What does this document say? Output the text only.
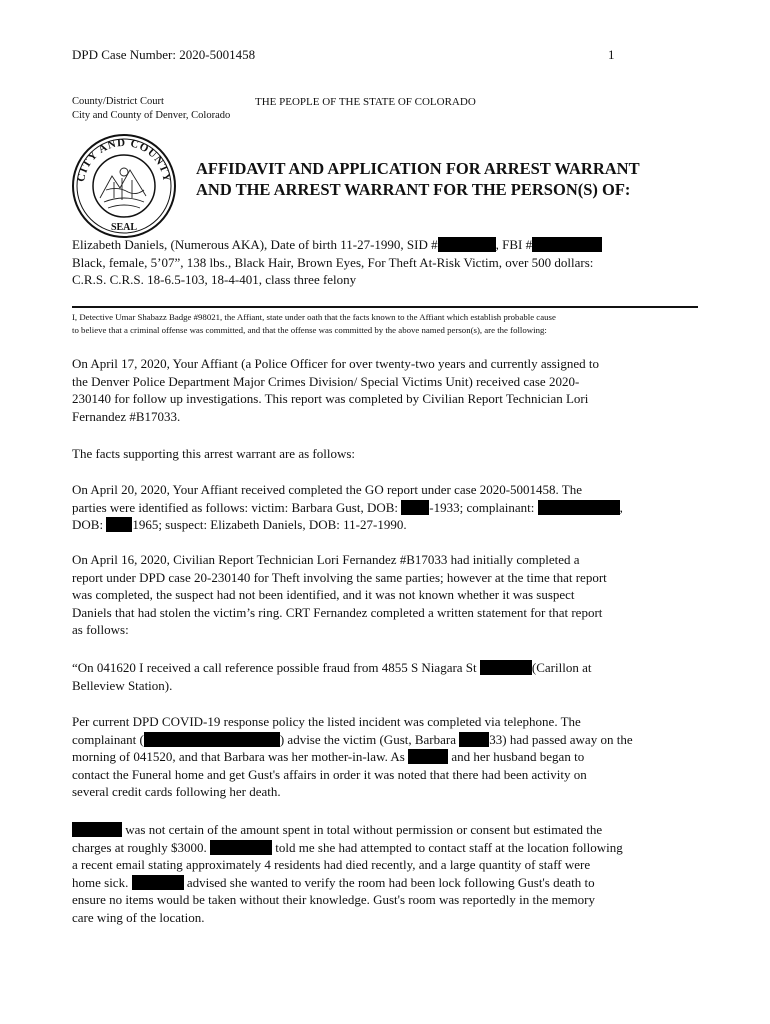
DPD Case Number: 2020-5001458	1
County/District Court	THE PEOPLE OF THE STATE OF COLORADO
City and County of Denver, Colorado
CITY AND COUNTY
SEAL
AFFIDAVIT AND APPLICATION FOR ARREST WARRANT
AND THE ARREST WARRANT FOR THE PERSON(S) OF:
Elizabeth Daniels, (Numerous AKA), Date of birth 11-27-1990, SID #	, FBI #
Black, female, 5’07”, 138 lbs., Black Hair, Brown Eyes, For Theft At-Risk Victim, over 500 dollars:
C.R.S. C.R.S. 18-6.5-103, 18-4-401, class three felony
I, Detective Umar Shabazz Badge #98021, the Affiant, state under oath that the facts known to the Affiant which establish probable cause
to believe that a criminal offense was committed, and that the offense was committed by the above named person(s), are the following:
On April 17, 2020, Your Affiant (a Police Officer for over twenty-two years and currently assigned to
the Denver Police Department Major Crimes Division/ Special Victims Unit) received case 2020-
230140 for follow up investigations. This report was completed by Civilian Report Technician Lori
Fernandez #B17033.
The facts supporting this arrest warrant are as follows:
On April 20, 2020, Your Affiant received completed the GO report under case 2020-5001458. The
parties were identified as follows: victim: Barbara Gust, DOB: -1933; complainant:	,
DOB: 1965; suspect: Elizabeth Daniels, DOB: 11-27-1990.
On April 16, 2020, Civilian Report Technician Lori Fernandez #B17033 had initially completed a
report under DPD case 20-230140 for Theft involving the same parties; however at the time that report
was completed, the suspect had not been identified, and it was not known whether it was suspect
Daniels that had stolen the victim’s ring. CRT Fernandez completed a written statement for that report
as follows:
“On 041620 I received a call reference possible fraud from 4855 S Niagara St	(Carillon at
Belleview Station).
Per current DPD COVID-19 response policy the listed incident was completed via telephone. The
complainant (	) advise the victim (Gust, Barbara	33) had passed away on the
morning of 041520, and that Barbara was her mother-in-law. As	and her husband began to
contact the Funeral home and get Gust's affairs in order it was noted that there had been activity on
several credit cards following her death.
was not certain of the amount spent in total without permission or consent but estimated the
charges at roughly $3000.	told me she had attempted to contact staff at the location following
a recent email stating approximately 4 residents had died recently, and a large quantity of staff were
home sick.	advised she wanted to verify the room had been lock following Gust's death to
ensure no items would be taken without their knowledge. Gust's room was reportedly in the memory
care wing of the location.
